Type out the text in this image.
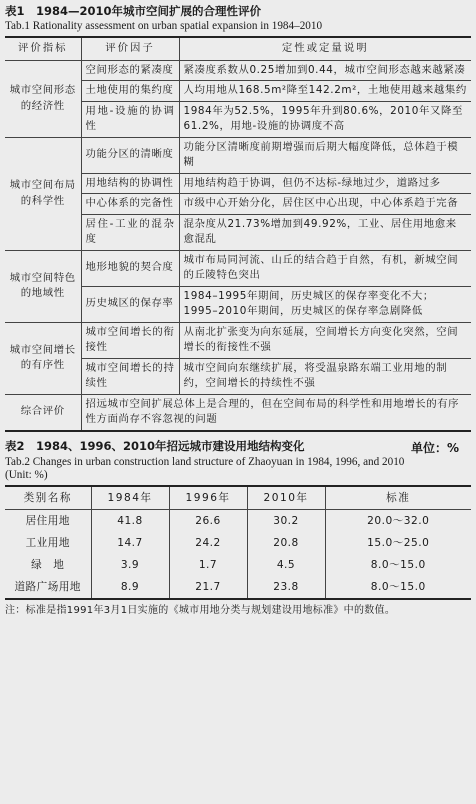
表1　1984—2010年城市空间扩展的合理性评价
Tab.1 Rationality assessment on urban spatial expansion in 1984–2010
评价指标	评价因子	定性或定量说明
城市空间形态的经济性	空间形态的紧凑度	紧凑度系数从0.25增加到0.44，城市空间形态越来越紧凑
	土地使用的集约度	人均用地从168.5m²降至142.2m²，土地使用越来越集约
	用地-设施的协调性	1984年为52.5%，1995年升到80.6%，2010年又降至61.2%，用地-设施的协调度不高
城市空间布局的科学性	功能分区的清晰度	功能分区清晰度前期增强而后期大幅度降低，总体趋于模糊
	用地结构的协调性	用地结构趋于协调，但仍不达标-绿地过少，道路过多
	中心体系的完备性	市级中心开始分化，居住区中心出现，中心体系趋于完备
	居住-工业的混杂度	混杂度从21.73%增加到49.92%，工业、居住用地愈来愈混乱
城市空间特色的地域性	地形地貌的契合度	城市布局同河流、山丘的结合趋于自然，有机，新城空间的丘陵特色突出
	历史城区的保存率	1984–1995年期间，历史城区的保存率变化不大；1995–2010年期间，历史城区的保存率急剧降低
城市空间增长的有序性	城市空间增长的衔接性	从南北扩张变为向东延展，空间增长方向变化突然，空间增长的衔接性不强
	城市空间增长的持续性	城市空间向东继续扩展，将受温泉路东端工业用地的制约，空间增长的持续性不强
综合评价	招远城市空间扩展总体上是合理的，但在空间布局的科学性和用地增长的有序性方面尚存不容忽视的问题	
表2　1984、1996、2010年招远城市建设用地结构变化	单位：%
Tab.2 Changes in urban construction land structure of Zhaoyuan in 1984, 1996, and 2010
(Unit: %)
类别名称	1984年	1996年	2010年	标准
居住用地	41.8	26.6	30.2	20.0～32.0
工业用地	14.7	24.2	20.8	15.0～25.0
绿　地	3.9	1.7	4.5	8.0～15.0
道路广场用地	8.9	21.7	23.8	8.0～15.0
注：标准是指1991年3月1日实施的《城市用地分类与规划建设用地标准》中的数值。
